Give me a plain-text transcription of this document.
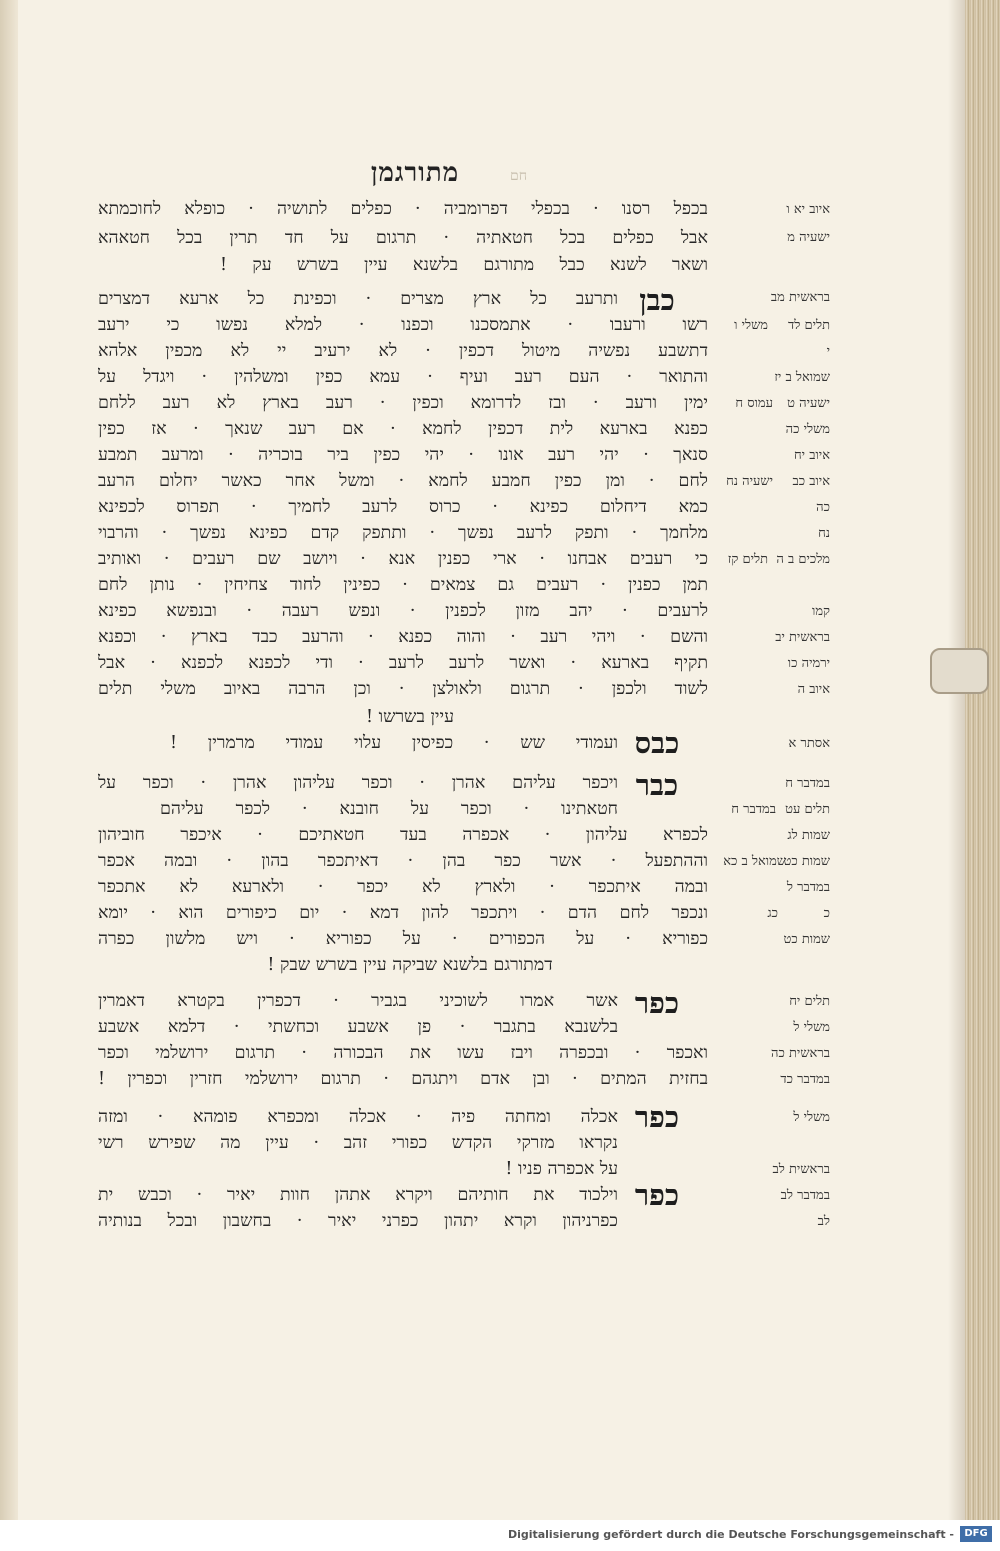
מתורגמן	חם
כבן
כבס
כבר
כפר
כפר
כפר
בכפל רסנו · בכפלי דפרומביה · כפלים לתושיה · כופלא לחוכמתא
אבל כפלים בכל חטאתיה · תרגום על חד תרין בכל חטאהא
ושאר לשנא כבל מתורגם בלשנא עיין בשרש עק !
ותרעב כל ארץ מצרים · וכפינת כל ארעא דמצרים
רשו ורעבו · אתמסכנו וכפנו · למלא נפשו כי ירעב
דתשבע נפשיה מיטול דכפין · לא ירעיב יי לא מכפין אלהא
והתואר · העם רעב ועיף · עמא כפין ומשלהין · ויגדל על
ימין ורעב · ובז לדרומא וכפין · רעב בארץ לא רעב ללחם
כפנא בארעא לית דכפין לחמא · אם רעב שנאך · אז כפין
סנאך · יהי רעב אונו · יהי כפין ביר בוכריה · ומרעב תמבע
לחם · ומן כפין חמבע לחמא · ומשל אחר כאשר יחלום הרעב
כמא דיחלום כפינא · כרוס לרעב לחמיך · תפרוס לכפינא
מלחמך · ותפק לרעב נפשך · ותתפק קדם כפינא נפשך · והרבוי
כי רעבים אבחנו · ארי כפנין אנא · ויושב שם רעבים · ואותיב
תמן כפנין · רעבים גם צמאים · כפינין לחוד צחיחין · נותן לחם
לרעבים · יהב מזון לכפנין · ונפש רעבה · ובנפשא כפינא
והשם · ויהי רעב · והוה כפנא · והרעב כבד בארץ · וכפנא
תקיף בארעא · ואשר לרעב לרעב · ודי לכפנא לכפנא · אבל
לשוד ולכפן · תרגום ולאולצן · וכן הרבה באיוב משלי תלים
עיין בשרשו !
ועמודי שש · כפיסין עלוי עמודי מרמרין !
ויכפר עליהם אהרן · וכפר עליהון אהרן · וכפר על
חטאתינו · וכפר על חובנא · לכפר עליהם
לכפרא עליהון · אכפרה בעד חטאתיכם · איכפר חוביהון
וההתפעל · אשר כפר בהן · דאיתכפר בהון · ובמה אכפר
ובמה איתכפר · ולארץ לא יכפר · ולארעא לא אתכפר
ונכפר לחם הדם · ויתכפר להון דמא · יום כיפורים הוא · יומא
כפוריא · על הכפורים · על כפוריא · ויש מלשון כפרה
דמתורגם בלשנא שביקה עיין בשרש שבק !
אשר אמרו לשוכיני בגביר · דכפרין בקטרא דאמרין
בלשנבא בתגבר · פן אשבע וכחשתי · דלמא אשבע
ואכפר · ובכפרה ויבז עשו את הבכורה · תרגום ירושלמי וכפר
בחזית המתים · ובן אדם ויתגהם · תרגום ירושלמי חזרין וכפרין !
אכלה ומחתה פיה · אכלה ומכפרא פומהא · ומזה
נקראו מזרקי הקדש כפורי זהב · עיין מה שפירש רשי
על אכפרה פניו !
וילכוד את חותיהם ויקרא אתהן חוות יאיר · וכבש ית
כפרניהון וקרא יתהון כפרני יאיר · בחשבון ובכל בנותיה
איוב יא ו
ישעיה מ
בראשית מב
תלים לד
משלי ו
י
שמואל ב יז
ישעיה ט
עמוס ח
משלי כה
איוב יח
איוב כב
ישעיה נח
כה
נח
מלכים ב ה
תלים קז
קמו
בראשית יב
ירמיה כו
איוב ה
אסתר א
במדבר ח
תלים עט
במדבר ח
שמות לג
שמות כט
שמואל ב כא
במדבר ל
כ
כג
שמות כט
תלים יח
משלי ל
בראשית כה
במדבר כד
משלי ל
בראשית לב
במדבר לב
לב
Digitalisierung gefördert durch die Deutsche Forschungsgemeinschaft -	DFG
